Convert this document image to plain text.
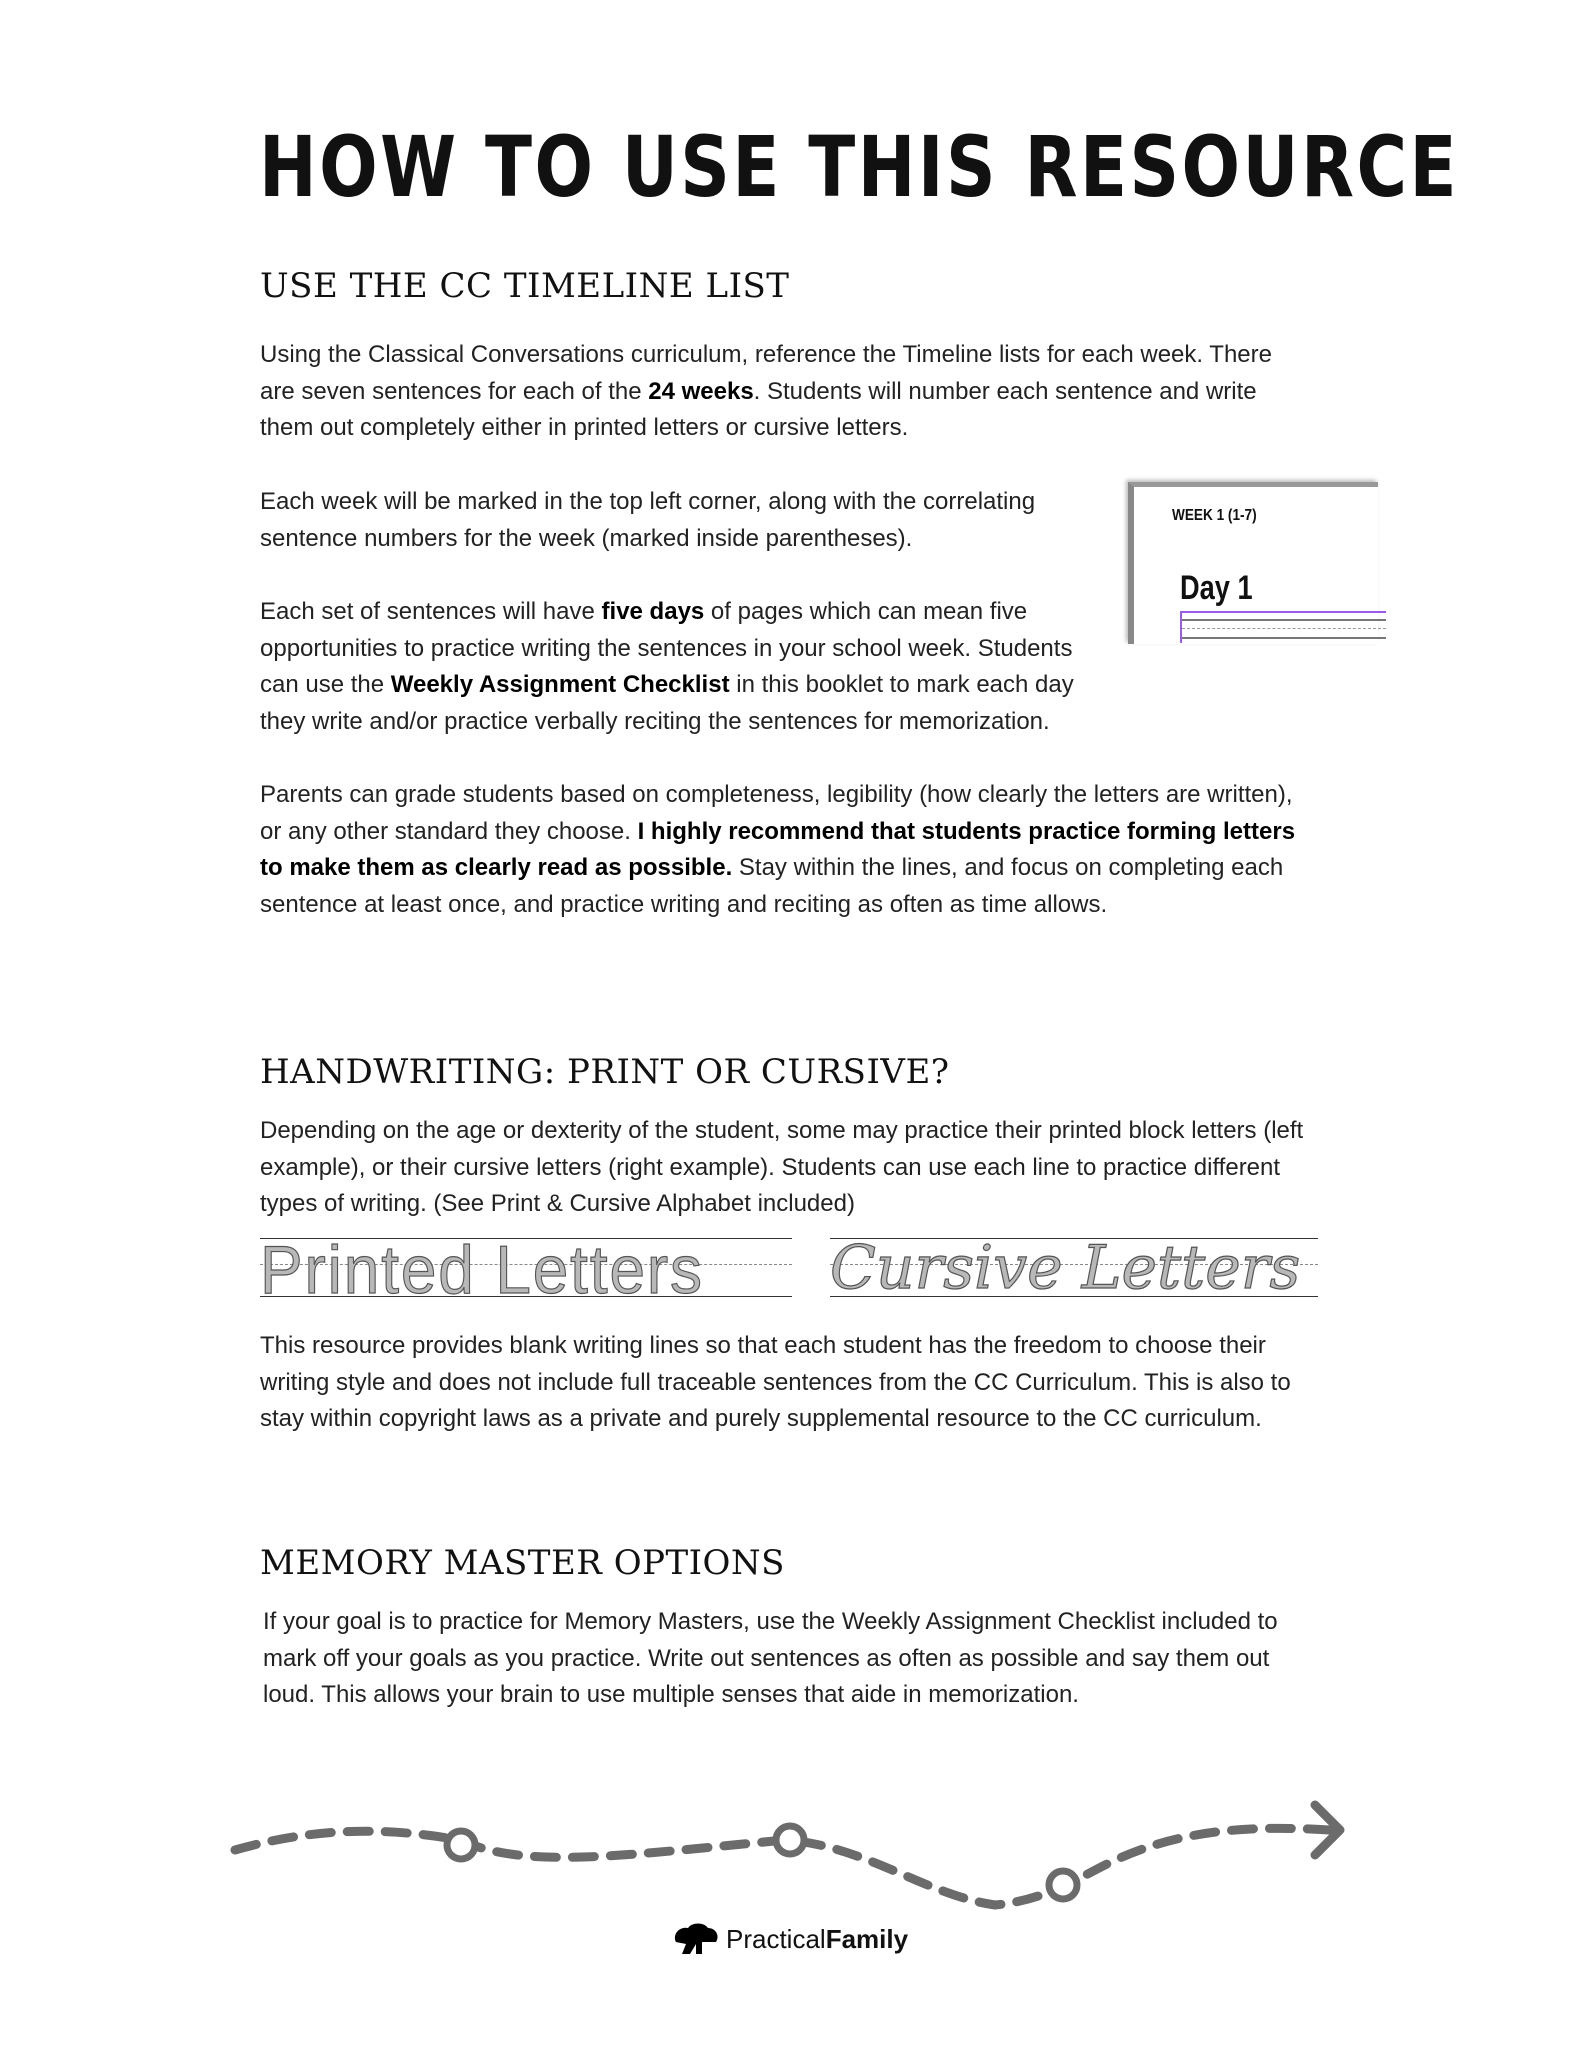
HOW TO USE THIS RESOURCE
USE THE CC TIMELINE LIST

Using the Classical Conversations curriculum, reference the Timeline lists for each week. There are seven sentences for each of the 24 weeks. Students will number each sentence and write them out completely either in printed letters or cursive letters.

Each week will be marked in the top left corner, along with the correlating sentence numbers for the week (marked inside parentheses).

Each set of sentences will have five days of pages which can mean five opportunities to practice writing the sentences in your school week. Students can use the Weekly Assignment Checklist in this booklet to mark each day they write and/or practice verbally reciting the sentences for memorization.

Parents can grade students based on completeness, legibility (how clearly the letters are written), or any other standard they choose. I highly recommend that students practice forming letters to make them as clearly read as possible. Stay within the lines, and focus on completing each sentence at least once, and practice writing and reciting as often as time allows.

WEEK 1 (1-7)
Day 1
HANDWRITING: PRINT OR CURSIVE?

Depending on the age or dexterity of the student, some may practice their printed block letters (left example), or their cursive letters (right example). Students can use each line to practice different types of writing. (See Print & Cursive Alphabet included)

Printed Letters Cursive Letters

This resource provides blank writing lines so that each student has the freedom to choose their writing style and does not include full traceable sentences from the CC Curriculum. This is also to stay within copyright laws as a private and purely supplemental resource to the CC curriculum.

MEMORY MASTER OPTIONS

If your goal is to practice for Memory Masters, use the Weekly Assignment Checklist included to mark off your goals as you practice. Write out sentences as often as possible and say them out loud. This allows your brain to use multiple senses that aide in memorization.

PracticalFamily
